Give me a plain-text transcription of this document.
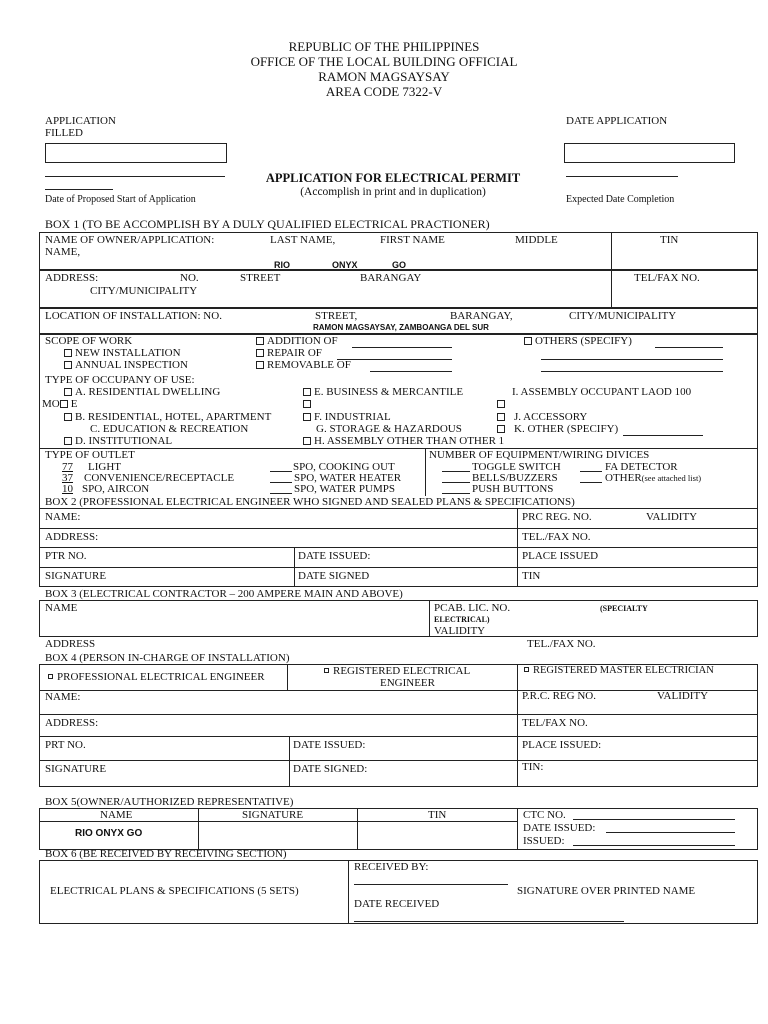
REPUBLIC OF THE PHILIPPINES
OFFICE OF THE LOCAL BUILDING OFFICIAL
RAMON MAGSAYSAY
AREA CODE 7322-V
APPLICATION
FILLED
DATE APPLICATION
APPLICATION FOR ELECTRICAL PERMIT
(Accomplish in print and in duplication)
Date of Proposed Start of Application	Expected Date Completion
BOX 1 (TO BE ACCOMPLISH BY A DULY QUALIFIED ELECTRICAL PRACTIONER)
NAME OF OWNER/APPLICATION:	LAST NAME,	FIRST NAME	MIDDLE
NAME,
TIN
RIO	ONYX	GO
ADDRESS:	NO.	STREET	BARANGAY
CITY/MUNICIPALITY
TEL/FAX NO.
LOCATION OF INSTALLATION: NO.	STREET,	BARANGAY,	CITY/MUNICIPALITY
RAMON MAGSAYSAY, ZAMBOANGA DEL SUR
SCOPE OF WORK
NEW INSTALLATION
ANNUAL INSPECTION
ADDITION OF
REPAIR OF
REMOVABLE OF
OTHERS (SPECIFY)
TYPE OF OCCUPANY OF USE:
A. RESIDENTIAL DWELLING
MO E
B. RESIDENTIAL, HOTEL, APARTMENT
C. EDUCATION & RECREATION
D. INSTITUTIONAL
E. BUSINESS & MERCANTILE
F. INDUSTRIAL
G. STORAGE & HAZARDOUS
H. ASSEMBLY OTHER THAN OTHER 1
I. ASSEMBLY OCCUPANT LAOD 100
J. ACCESSORY
K. OTHER (SPECIFY)
TYPE OF OUTLET
77 LIGHT
37 CONVENIENCE/RECEPTACLE
10 SPO, AIRCON
SPO, COOKING OUT
SPO, WATER HEATER
SPO, WATER PUMPS
NUMBER OF EQUIPMENT/WIRING DIVICES
TOGGLE SWITCH
BELLS/BUZZERS
PUSH BUTTONS
FA DETECTOR
OTHER(see attached list)
BOX 2 (PROFESSIONAL ELECTRICAL ENGINEER WHO SIGNED AND SEALED PLANS & SPECIFICATIONS)
NAME:	PRC REG. NO.	VALIDITY
ADDRESS:	TEL./FAX NO.
PTR NO.	DATE ISSUED:	PLACE ISSUED
SIGNATURE	DATE SIGNED	TIN
BOX 3 (ELECTRICAL CONTRACTOR – 200 AMPERE MAIN AND ABOVE)
NAME	PCAB. LIC. NO.	(SPECIALTY
ELECTRICAL)
VALIDITY
ADDRESS	TEL./FAX NO.
BOX 4 (PERSON IN-CHARGE OF INSTALLATION)
PROFESSIONAL ELECTRICAL ENGINEER	REGISTERED ELECTRICAL
ENGINEER
REGISTERED MASTER ELECTRICIAN
NAME:	P.R.C. REG NO.	VALIDITY
ADDRESS:	TEL/FAX NO.
PRT NO.	DATE ISSUED:	PLACE ISSUED:
SIGNATURE	DATE SIGNED:	TIN:
BOX 5(OWNER/AUTHORIZED REPRESENTATIVE)
NAME	SIGNATURE	TIN
RIO ONYX GO
CTC NO.
DATE ISSUED:
ISSUED:
BOX 6 (BE RECEIVED BY RECEIVING SECTION)
ELECTRICAL PLANS & SPECIFICATIONS (5 SETS)
RECEIVED BY:
SIGNATURE OVER PRINTED NAME
DATE RECEIVED
